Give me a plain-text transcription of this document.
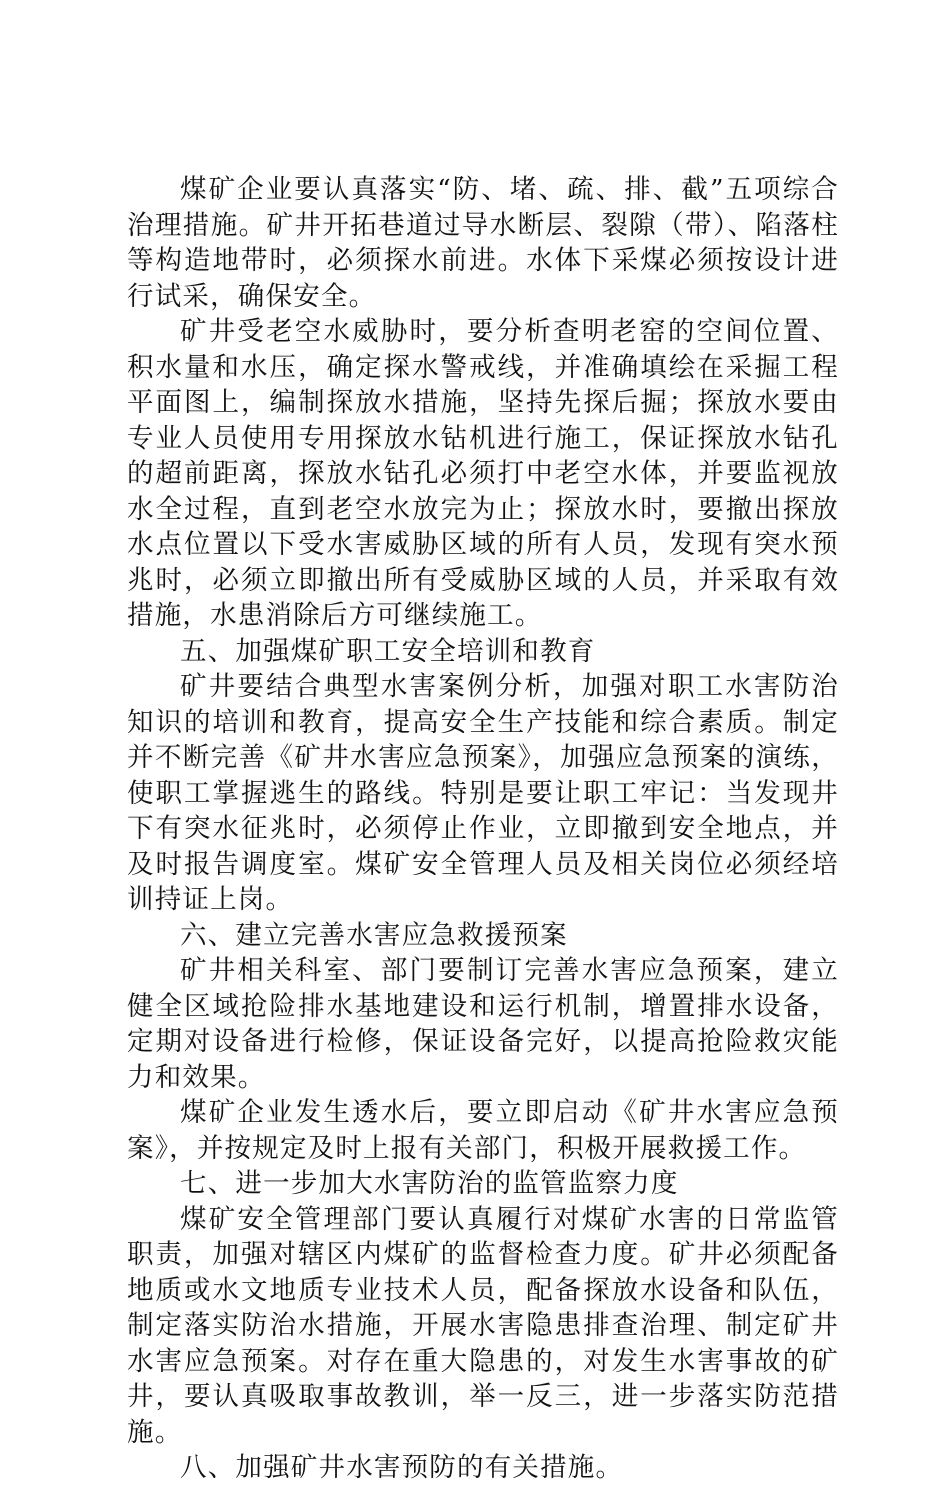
煤矿企业要认真落实“防、堵、疏、排、截”五项综合治理措施。矿井开拓巷道过导水断层、裂隙（带）、陷落柱等构造地带时，必须探水前进。水体下采煤必须按设计进行试采，确保安全。

矿井受老空水威胁时，要分析查明老窑的空间位置、积水量和水压，确定探水警戒线，并准确填绘在采掘工程平面图上，编制探放水措施，坚持先探后掘；探放水要由专业人员使用专用探放水钻机进行施工，保证探放水钻孔的超前距离，探放水钻孔必须打中老空水体，并要监视放水全过程，直到老空水放完为止；探放水时，要撤出探放水点位置以下受水害威胁区域的所有人员，发现有突水预兆时，必须立即撤出所有受威胁区域的人员，并采取有效措施，水患消除后方可继续施工。

五、加强煤矿职工安全培训和教育

矿井要结合典型水害案例分析，加强对职工水害防治知识的培训和教育，提高安全生产技能和综合素质。制定并不断完善《矿井水害应急预案》，加强应急预案的演练，使职工掌握逃生的路线。特别是要让职工牢记：当发现井下有突水征兆时，必须停止作业，立即撤到安全地点，并及时报告调度室。煤矿安全管理人员及相关岗位必须经培训持证上岗。

六、建立完善水害应急救援预案

矿井相关科室、部门要制订完善水害应急预案，建立健全区域抢险排水基地建设和运行机制，增置排水设备，定期对设备进行检修，保证设备完好，以提高抢险救灾能力和效果。

煤矿企业发生透水后，要立即启动《矿井水害应急预案》，并按规定及时上报有关部门，积极开展救援工作。

七、进一步加大水害防治的监管监察力度

煤矿安全管理部门要认真履行对煤矿水害的日常监管职责，加强对辖区内煤矿的监督检查力度。矿井必须配备地质或水文地质专业技术人员，配备探放水设备和队伍，制定落实防治水措施，开展水害隐患排查治理、制定矿井水害应急预案。对存在重大隐患的，对发生水害事故的矿井，要认真吸取事故教训，举一反三，进一步落实防范措施。

八、加强矿井水害预防的有关措施。
